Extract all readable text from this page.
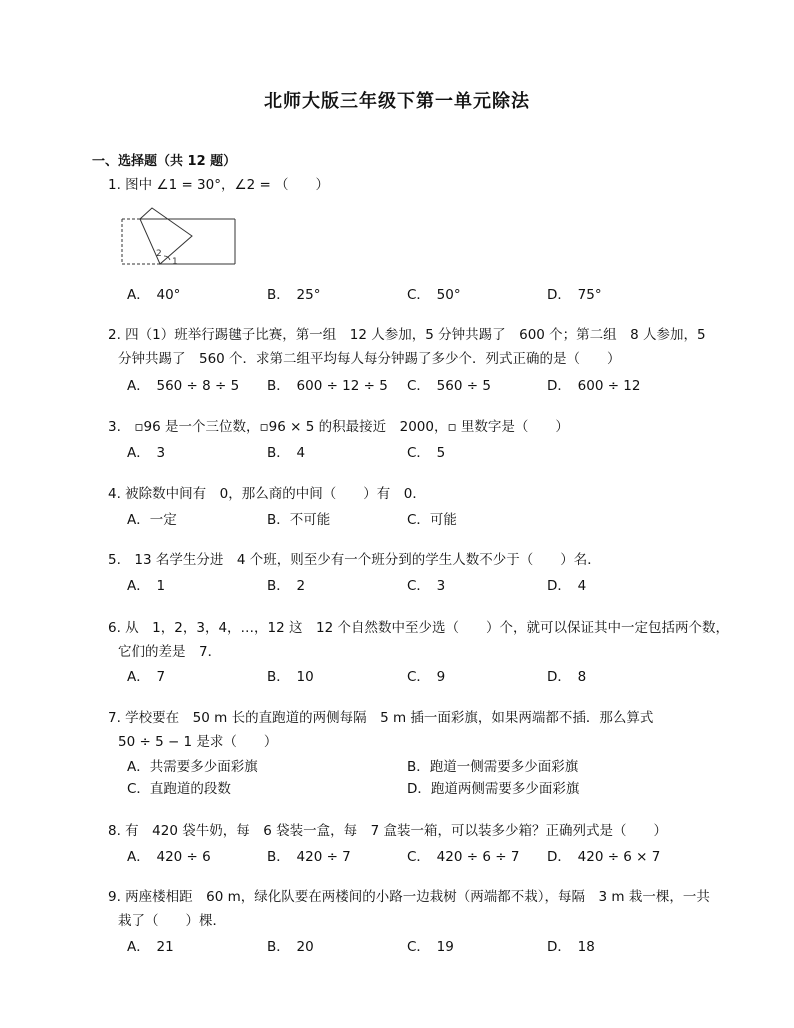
北师大版三年级下第一单元除法
一、选择题（共 12 题）
1. 图中 ∠1 = 30°，∠2 = （　　）
2
1
A．　40°	B．　25°	C．　50°	D．　75°
2. 四（1）班举行踢毽子比赛，第一组　12 人参加，5 分钟共踢了　600 个；第二组　8 人参加，5
分钟共踢了　560 个．求第二组平均每人每分钟踢了多少个．列式正确的是（　　）
A．　560 ÷ 8 ÷ 5 B．　600 ÷ 12 ÷ 5 C．　560 ÷ 5	D．　600 ÷ 12
3.　▫96 是一个三位数，▫96 × 5 的积最接近　2000，▫ 里数字是（　　）
A．　3	B．　4	C．　5
4. 被除数中间有　0，那么商的中间（　　）有　0．
A．一定	B．不可能	C．可能
5.　13 名学生分进　4 个班，则至少有一个班分到的学生人数不少于（　　）名．
A．　1	B．　2	C．　3	D．　4
6. 从　1，2，3，4，…，12 这　12 个自然数中至少选（　　）个，就可以保证其中一定包括两个数，
它们的差是　7．
A．　7	B．　10	C．　9	D．　8
7. 学校要在　50 m 长的直跑道的两侧每隔　5 m 插一面彩旗，如果两端都不插．那么算式
50 ÷ 5 − 1 是求（　　）
A．共需要多少面彩旗	B．跑道一侧需要多少面彩旗
C．直跑道的段数	D．跑道两侧需要多少面彩旗
8. 有　420 袋牛奶，每　6 袋装一盒，每　7 盒装一箱，可以装多少箱？正确列式是（　　）
A．　420 ÷ 6	B．　420 ÷ 7	C．　420 ÷ 6 ÷ 7 D．　420 ÷ 6 × 7
9. 两座楼相距　60 m，绿化队要在两楼间的小路一边栽树（两端都不栽），每隔　3 m 栽一棵，一共
栽了（　　）棵．
A．　21	B．　20	C．　19	D．　18
